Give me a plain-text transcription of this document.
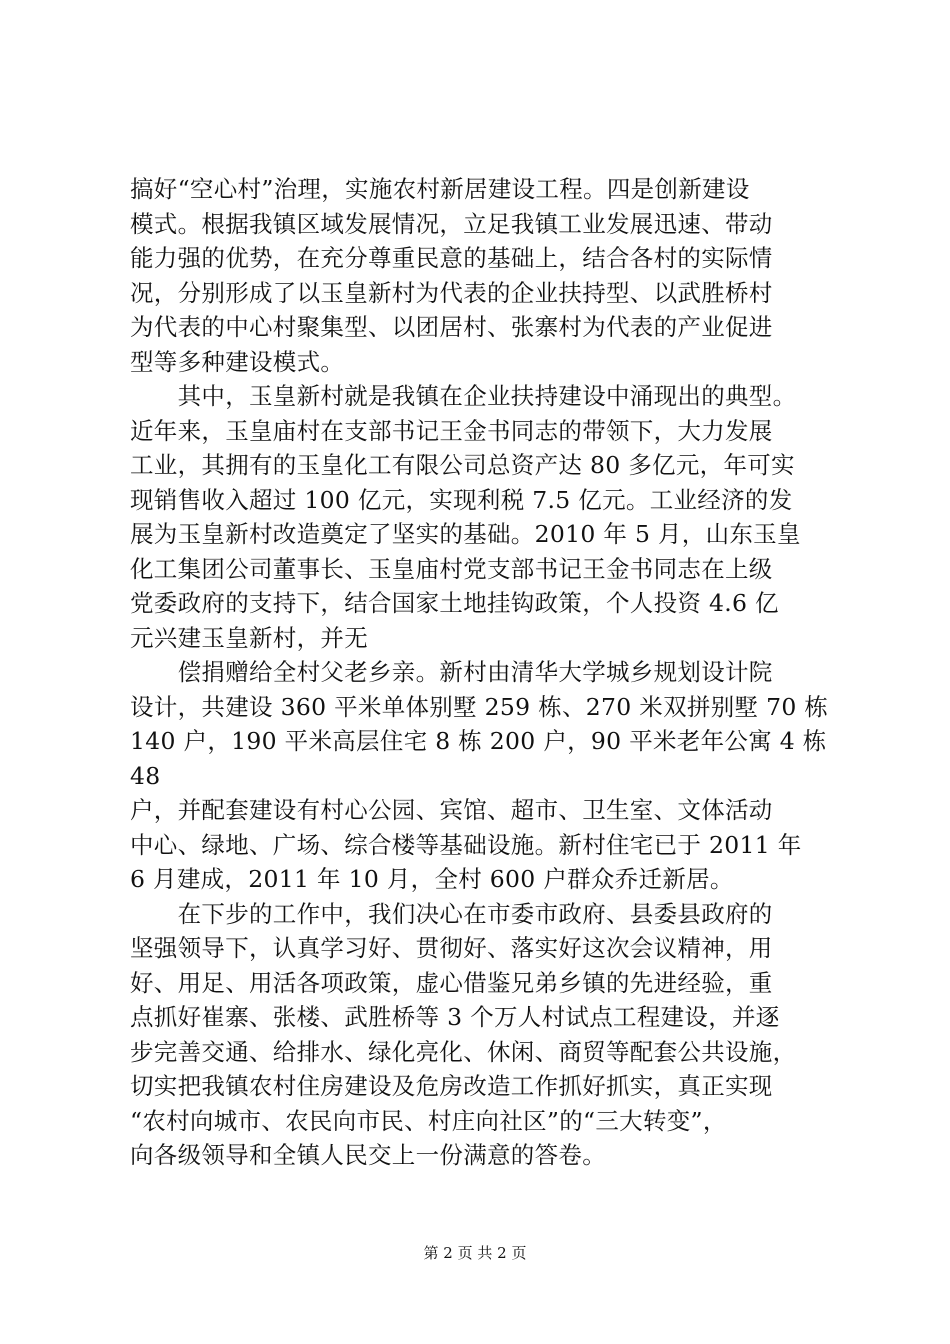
搞好“空心村”治理，实施农村新居建设工程。四是创新建设
模式。根据我镇区域发展情况，立足我镇工业发展迅速、带动
能力强的优势，在充分尊重民意的基础上，结合各村的实际情
况，分别形成了以玉皇新村为代表的企业扶持型、以武胜桥村
为代表的中心村聚集型、以团居村、张寨村为代表的产业促进
型等多种建设模式。

　　其中，玉皇新村就是我镇在企业扶持建设中涌现出的典型。
近年来，玉皇庙村在支部书记王金书同志的带领下，大力发展
工业，其拥有的玉皇化工有限公司总资产达 80 多亿元，年可实
现销售收入超过 100 亿元，实现利税 7.5 亿元。工业经济的发
展为玉皇新村改造奠定了坚实的基础。2010 年 5 月，山东玉皇
化工集团公司董事长、玉皇庙村党支部书记王金书同志在上级
党委政府的支持下，结合国家土地挂钩政策，个人投资 4.6 亿
元兴建玉皇新村，并无

　　偿捐赠给全村父老乡亲。新村由清华大学城乡规划设计院
设计，共建设 360 平米单体别墅 259 栋、270 米双拼别墅 70 栋
140 户，190 平米高层住宅 8 栋 200 户，90 平米老年公寓 4 栋 48
户，并配套建设有村心公园、宾馆、超市、卫生室、文体活动
中心、绿地、广场、综合楼等基础设施。新村住宅已于 2011 年
6 月建成，2011 年 10 月，全村 600 户群众乔迁新居。

　　在下步的工作中，我们决心在市委市政府、县委县政府的
坚强领导下，认真学习好、贯彻好、落实好这次会议精神，用
好、用足、用活各项政策，虚心借鉴兄弟乡镇的先进经验，重
点抓好崔寨、张楼、武胜桥等 3 个万人村试点工程建设，并逐
步完善交通、给排水、绿化亮化、休闲、商贸等配套公共设施，
切实把我镇农村住房建设及危房改造工作抓好抓实，真正实现
“农村向城市、农民向市民、村庄向社区”的“三大转变”，
向各级领导和全镇人民交上一份满意的答卷。

第 2 页 共 2 页
